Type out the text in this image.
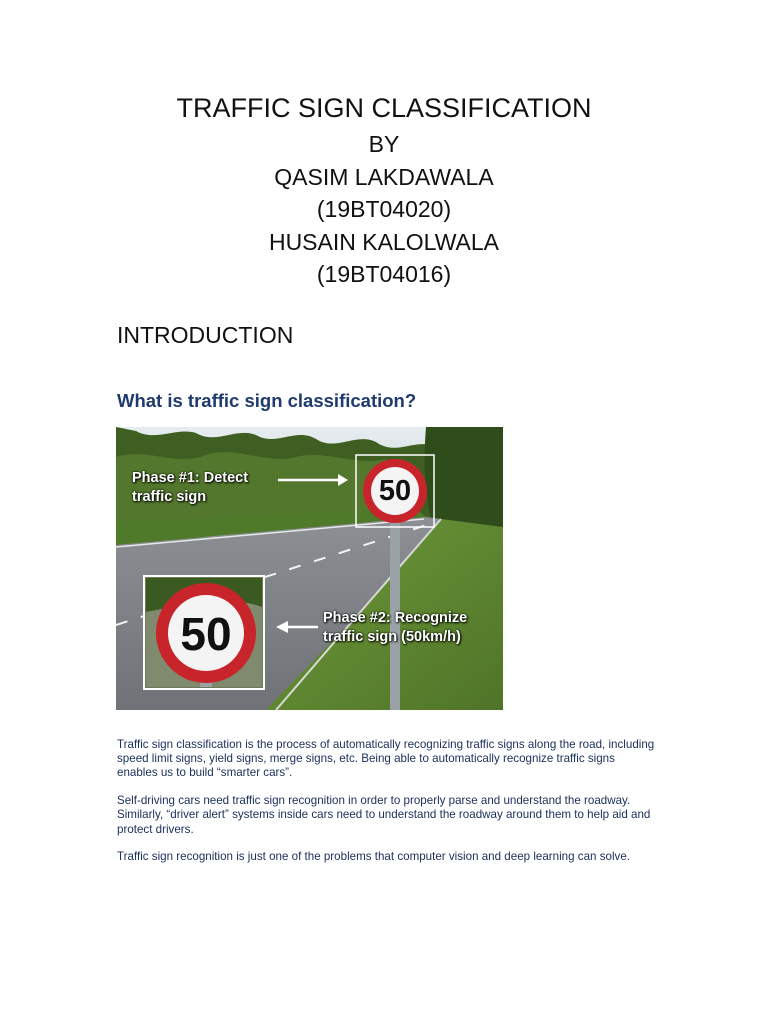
TRAFFIC SIGN CLASSIFICATION
BY
QASIM LAKDAWALA
(19BT04020)
HUSAIN KALOLWALA
(19BT04016)
INTRODUCTION
What is traffic sign classification?
50
50
Phase #1: Detect
traffic sign
Phase #2: Recognize
traffic sign (50km/h)

Traffic sign classification is the process of automatically recognizing traffic signs along the road, including speed limit signs, yield signs, merge signs, etc. Being able to automatically recognize traffic signs enables us to build “smarter cars”.

Self-driving cars need traffic sign recognition in order to properly parse and understand the roadway. Similarly, “driver alert” systems inside cars need to understand the roadway around them to help aid and protect drivers.

Traffic sign recognition is just one of the problems that computer vision and deep learning can solve.
